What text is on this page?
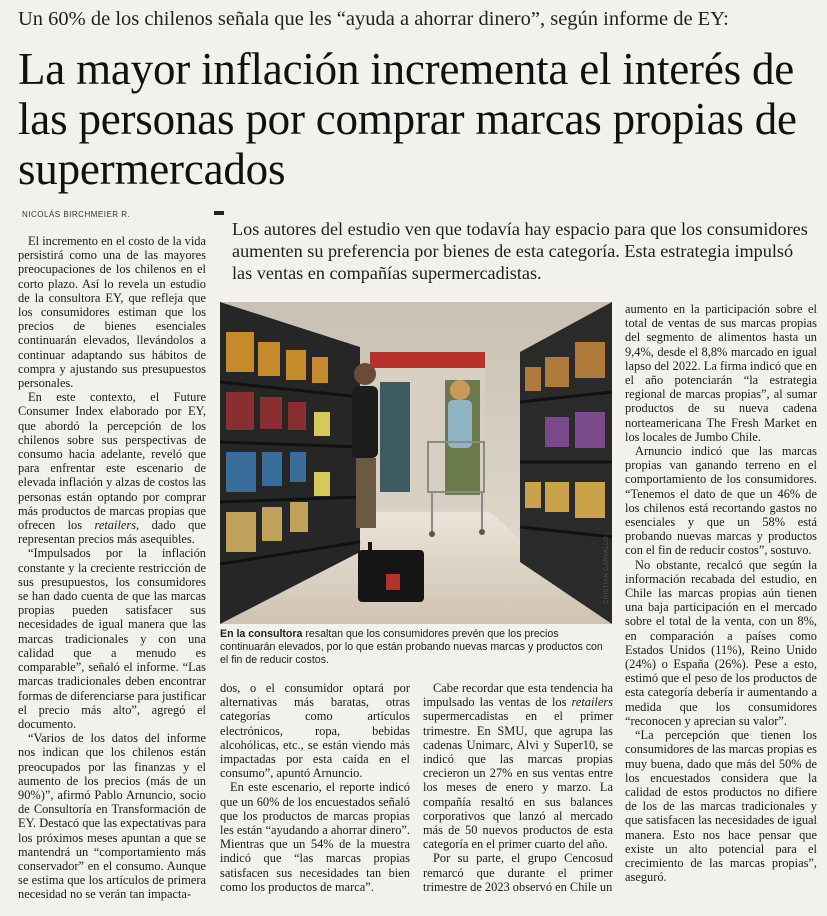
Un 60% de los chilenos señala que les “ayuda a ahorrar dinero”, según informe de EY:
La mayor inflación incrementa el interés de las personas por comprar marcas propias de supermercados
NICOLÁS BIRCHMEIER R.
Los autores del estudio ven que todavía hay espacio para que los consumidores aumenten su preferencia por bienes de esta categoría. Esta estrategia impulsó las ventas en compañías supermercadistas.

El incremento en el costo de la vida persistirá como una de las mayores preocupaciones de los chilenos en el corto plazo. Así lo revela un estudio de la consultora EY, que refleja que los consumidores estiman que los precios de bienes esenciales continuarán elevados, llevándolos a continuar adaptando sus hábitos de compra y ajustando sus presupuestos personales.

En este contexto, el Future Consumer Index elaborado por EY, que abordó la percepción de los chilenos sobre sus perspectivas de consumo hacia adelante, reveló que para enfrentar este escenario de elevada inflación y alzas de costos las personas están optando por comprar más productos de marcas propias que ofrecen los retailers, dado que representan precios más asequibles.

“Impulsados por la inflación constante y la creciente restricción de sus presupuestos, los consumidores se han dado cuenta de que las marcas propias pueden satisfacer sus necesidades de igual manera que las marcas tradicionales y con una calidad que a menudo es comparable”, señaló el informe. “Las marcas tradicionales deben encontrar formas de diferenciarse para justificar el precio más alto”, agregó el documento.

“Varios de los datos del informe nos indican que los chilenos están preocupados por las finanzas y el aumento de los precios (más de un 90%)”, afirmó Pablo Arnuncio, socio de Consultoría en Transformación de EY. Destacó que las expectativas para los próximos meses apuntan a que se mantendrá un “comportamiento más conservador” en el consumo. Aunque se estima que los artículos de primera necesidad no se verán tan impacta-

CRISTIAN CARVALLO
En la consultora resaltan que los consumidores prevén que los precios continuarán elevados, por lo que están probando nuevas marcas y productos con el fin de reducir costos.

dos, o el consumidor optará por alternativas más baratas, otras categorías como artículos electrónicos, ropa, bebidas alcohólicas, etc., se están viendo más impactadas por esta caída en el consumo”, apuntó Arnuncio.

En este escenario, el reporte indicó que un 60% de los encuestados señaló que los productos de marcas propias les están “ayudando a ahorrar dinero”. Mientras que un 54% de la muestra indicó que “las marcas propias satisfacen sus necesidades tan bien como los productos de marca”.

Cabe recordar que esta tendencia ha impulsado las ventas de los retailers supermercadistas en el primer trimestre. En SMU, que agrupa las cadenas Unimarc, Alvi y Super10, se indicó que las marcas propias crecieron un 27% en sus ventas entre los meses de enero y marzo. La compañía resaltó en sus balances corporativos que lanzó al mercado más de 50 nuevos productos de esta categoría en el primer cuarto del año.

Por su parte, el grupo Cencosud remarcó que durante el primer trimestre de 2023 observó en Chile un

aumento en la participación sobre el total de ventas de sus marcas propias del segmento de alimentos hasta un 9,4%, desde el 8,8% marcado en igual lapso del 2022. La firma indicó que en el año potenciarán “la estrategia regional de marcas propias”, al sumar productos de su nueva cadena norteamericana The Fresh Market en los locales de Jumbo Chile.

Arnuncio indicó que las marcas propias van ganando terreno en el comportamiento de los consumidores. “Tenemos el dato de que un 46% de los chilenos está recortando gastos no esenciales y que un 58% está probando nuevas marcas y productos con el fin de reducir costos”, sostuvo.

No obstante, recalcó que según la información recabada del estudio, en Chile las marcas propias aún tienen una baja participación en el mercado sobre el total de la venta, con un 8%, en comparación a países como Estados Unidos (11%), Reino Unido (24%) o España (26%). Pese a esto, estimó que el peso de los productos de esta categoría debería ir aumentando a medida que los consumidores “reconocen y aprecian su valor”.

“La percepción que tienen los consumidores de las marcas propias es muy buena, dado que más del 50% de los encuestados considera que la calidad de estos productos no difiere de los de las marcas tradicionales y que satisfacen las necesidades de igual manera. Esto nos hace pensar que existe un alto potencial para el crecimiento de las marcas propias”, aseguró.
